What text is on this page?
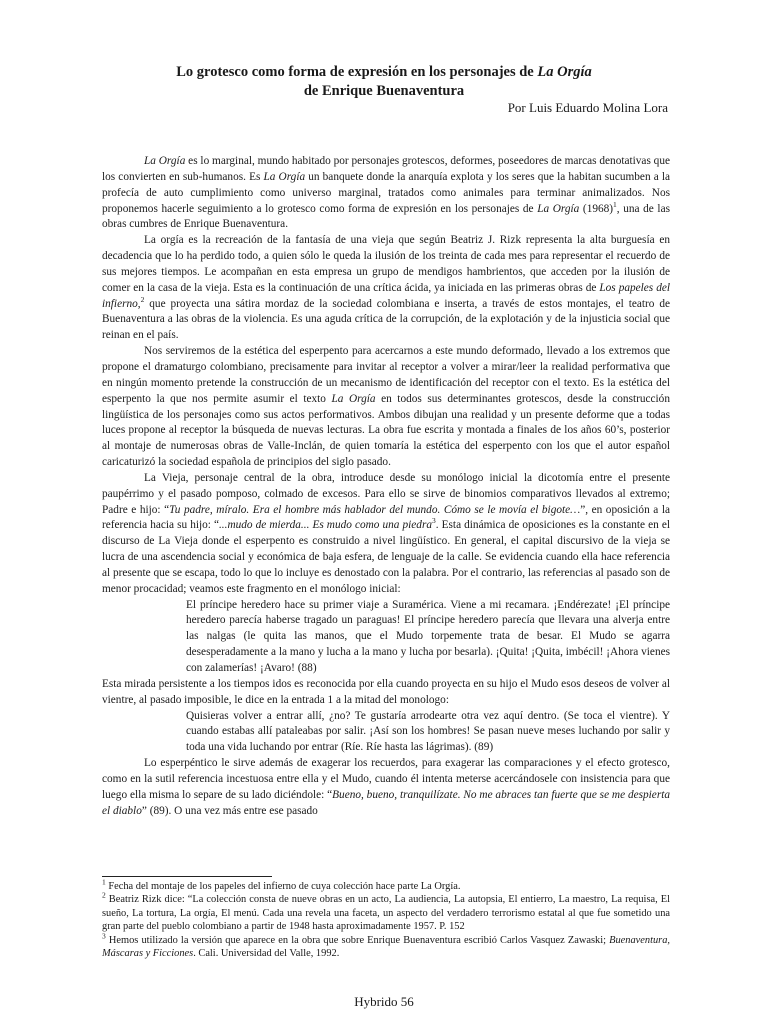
Lo grotesco como forma de expresión en los personajes de La Orgía
de Enrique Buenaventura
Por Luis Eduardo Molina Lora

La Orgía es lo marginal, mundo habitado por personajes grotescos, deformes, poseedores de marcas denotativas que los convierten en sub-humanos. Es La Orgía un banquete donde la anarquía explota y los seres que la habitan sucumben a la profecía de auto cumplimiento como universo marginal, tratados como animales para terminar animalizados. Nos proponemos hacerle seguimiento a lo grotesco como forma de expresión en los personajes de La Orgía $(1968)^1$, una de las obras cumbres de Enrique Buenaventura.

La orgía es la recreación de la fantasía de una vieja que según Beatriz J. Rizk representa la alta burguesía en decadencia que lo ha perdido todo, a quien sólo le queda la ilusión de los treinta de cada mes para representar el recuerdo de sus mejores tiempos. Le acompañan en esta empresa un grupo de mendigos hambrientos, que acceden por la ilusión de comer en la casa de la vieja. Esta es la continuación de una crítica ácida, ya iniciada en las primeras obras de Los papeles del infierno,$^2$ que proyecta una sátira mordaz de la sociedad colombiana e inserta, a través de estos montajes, el teatro de Buenaventura a las obras de la violencia. Es una aguda crítica de la corrupción, de la explotación y de la injusticia social que reinan en el país.

Nos serviremos de la estética del esperpento para acercarnos a este mundo deformado, llevado a los extremos que propone el dramaturgo colombiano, precisamente para invitar al receptor a volver a mirar/leer la realidad performativa que en ningún momento pretende la construcción de un mecanismo de identificación del receptor con el texto. Es la estética del esperpento la que nos permite asumir el texto La Orgía en todos sus determinantes grotescos, desde la construcción lingüística de los personajes como sus actos performativos. Ambos dibujan una realidad y un presente deforme que a todas luces propone al receptor la búsqueda de nuevas lecturas. La obra fue escrita y montada a finales de los años 60’s, posterior al montaje de numerosas obras de Valle-Inclán, de quien tomaría la estética del esperpento con los que el autor español caricaturizó la sociedad española de principios del siglo pasado.

La Vieja, personaje central de la obra, introduce desde su monólogo inicial la dicotomía entre el presente paupérrimo y el pasado pomposo, colmado de excesos. Para ello se sirve de binomios comparativos llevados al extremo; Padre e hijo: “Tu padre, míralo. Era el hombre más hablador del mundo. Cómo se le movía el bigote…”, en oposición a la referencia hacia su hijo: “...mudo de mierda... Es mudo como una piedra$^3$. Esta dinámica de oposiciones es la constante en el discurso de La Vieja donde el esperpento es construido a nivel lingüístico. En general, el capital discursivo de la vieja se lucra de una ascendencia social y económica de baja esfera, de lenguaje de la calle. Se evidencia cuando ella hace referencia al presente que se escapa, todo lo que lo incluye es denostado con la palabra. Por el contrario, las referencias al pasado son de menor procacidad; veamos este fragmento en el monólogo inicial:

El príncipe heredero hace su primer viaje a Suramérica. Viene a mi recamara. ¡Endérezate! ¡El príncipe heredero parecía haberse tragado un paraguas! El príncipe heredero parecía que llevara una alverja entre las nalgas (le quita las manos, que el Mudo torpemente trata de besar. El Mudo se agarra desesperadamente a la mano y lucha a la mano y lucha por besarla). ¡Quita! ¡Quita, imbécil! ¡Ahora vienes con zalamerías! ¡Avaro! (88)

Esta mirada persistente a los tiempos idos es reconocida por ella cuando proyecta en su hijo el Mudo esos deseos de volver al vientre, al pasado imposible, le dice en la entrada 1 a la mitad del monologo:

Quisieras volver a entrar allí, ¿no? Te gustaría arrodearte otra vez aquí dentro. (Se toca el vientre). Y cuando estabas allí pataleabas por salir. ¡Así son los hombres! Se pasan nueve meses luchando por salir y toda una vida luchando por entrar (Ríe. Ríe hasta las lágrimas). (89)

Lo esperpéntico le sirve además de exagerar los recuerdos, para exagerar las comparaciones y el efecto grotesco, como en la sutil referencia incestuosa entre ella y el Mudo, cuando él intenta meterse acercándosele con insistencia para que luego ella misma lo separe de su lado diciéndole: “Bueno, bueno, tranquilízate. No me abraces tan fuerte que se me despierta el diablo” (89). O una vez más entre ese pasado

$^1$ Fecha del montaje de los papeles del infierno de cuya colección hace parte La Orgía.
$^2$ Beatriz Rizk dice: “La colección consta de nueve obras en un acto, La audiencia, La autopsia, El entierro, La maestro, La requisa, El sueño, La tortura, La orgía, El menú. Cada una revela una faceta, un aspecto del verdadero terrorismo estatal al que fue sometido una gran parte del pueblo colombiano a partir de 1948 hasta aproximadamente 1957. P. 152
$^3$ Hemos utilizado la versión que aparece en la obra que sobre Enrique Buenaventura escribió Carlos Vasquez Zawaski; Buenaventura, Máscaras y Ficciones. Cali. Universidad del Valle, 1992.
Hybrido 56
